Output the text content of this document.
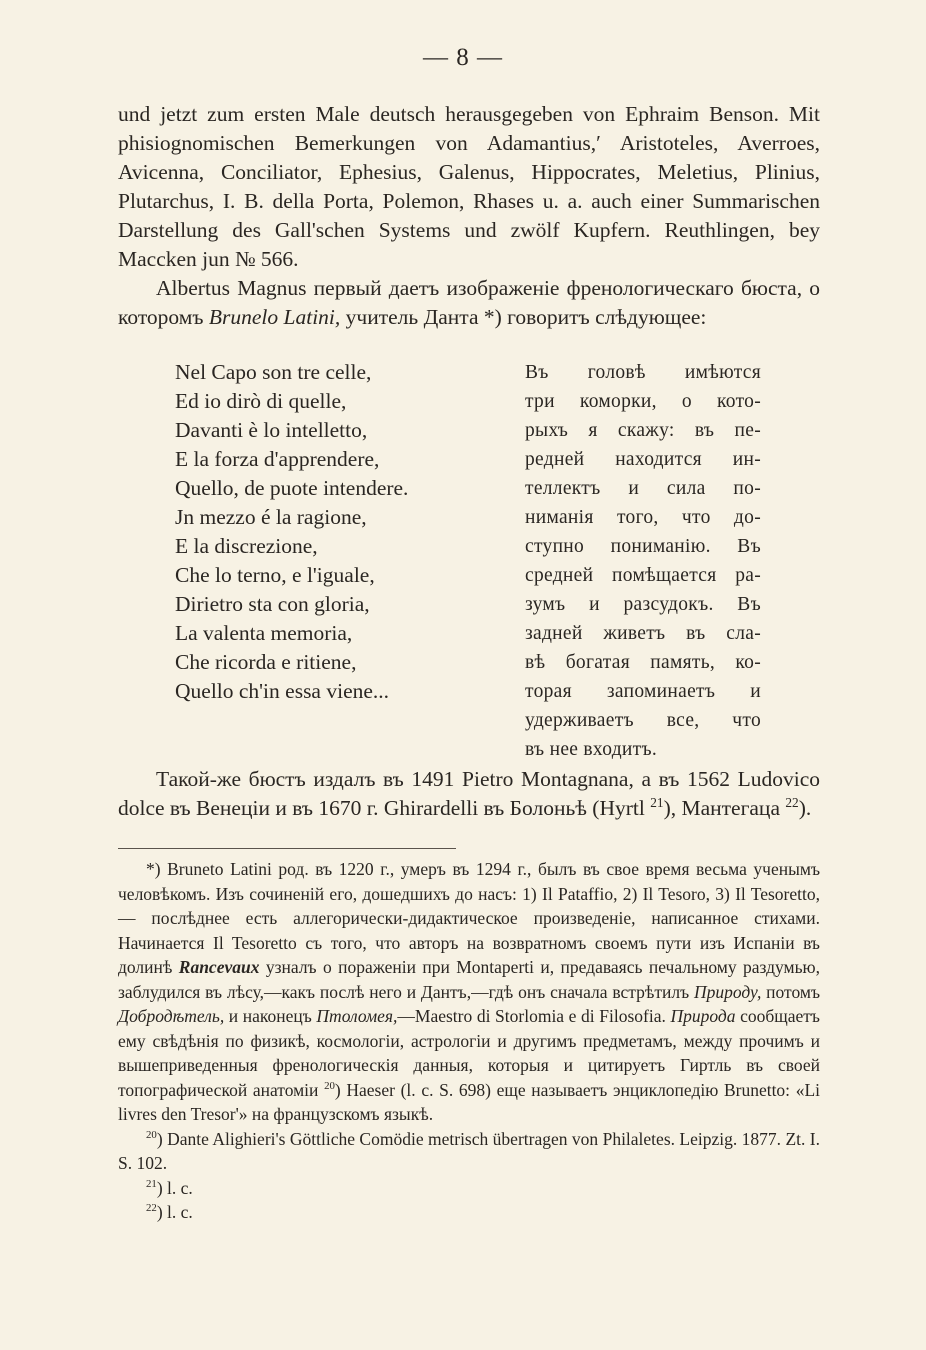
— 8 —

und jetzt zum ersten Male deutsch herausgegeben von Ephraim Benson. Mit phisiognomischen Bemerkungen von Adamantius,ʹ Aristoteles, Averroes, Avicenna, Conciliator, Ephesius, Galenus, Hippocrates, Meletius, Plinius, Plutarchus, I. B. della Porta, Polemon, Rhases u. a. auch einer Summarischen Darstellung des Gall'schen Systems und zwölf Kupfern. Reuthlingen, bey Maccken jun № 566.

Albertus Magnus первый даетъ изображеніе френологическаго бюста, о которомъ Brunelo Latini, учитель Данта *) говоритъ слѣдующее:

Nel Capo son tre celle,
Ed io dirò di quelle,
Davanti è lo intelletto,
E la forza d'apprendere,
Quello, de puote intendere.
Jn mezzo é la ragione,
E la discrezione,
Che lo terno, e l'iguale,
Dirietro sta con gloria,
La valenta memoria,
Che ricorda e ritiene,
Quello ch'in essa viene...
Въ головѣ имѣются
три коморки, о кото-
рыхъ я скажу: въ пе-
редней находится ин-
теллектъ и сила по-
ниманія того, что до-
ступно пониманію. Въ
средней помѣщается ра-
зумъ и разсудокъ. Въ
задней живетъ въ сла-
вѣ богатая память, ко-
торая запоминаетъ и
удерживаетъ все, что
въ нее входитъ.

Такой-же бюстъ издалъ въ 1491 Pietro Montagnana, а въ 1562 Ludovico dolce въ Венеціи и въ 1670 г. Ghirardelli въ Болоньѣ (Hyrtl $^{21}$), Мантегаца $^{22}$).

*) Bruneto Latini род. въ 1220 г., умеръ въ 1294 г., былъ въ свое время весьма ученымъ человѣкомъ. Изъ сочиненій его, дошедшихъ до насъ: 1) Il Pataffio, 2) Il Tesoro, 3) Il Tesoretto,— послѣднее есть аллегорически-дидактическое произведеніе, написанное стихами. Начинается Il Tesoretto съ того, что авторъ на возвратномъ своемъ пути изъ Испаніи въ долинѣ Rancevaux узналъ о пораженіи при Montaperti и, предаваясь печальному раздумью, заблудился въ лѣсу,—какъ послѣ него и Дантъ,—гдѣ онъ сначала встрѣтилъ Природу, потомъ Добродѣтель, и наконецъ Птоломея,—Maestro di Storlomia e di Filosofia. Природа сообщаетъ ему свѣдѣнія по физикѣ, космологіи, астрологіи и другимъ предметамъ, между прочимъ и вышеприведенныя френологическія данныя, которыя и цитируетъ Гиртль въ своей топографической анатоміи $^{20}$) Haeser (l. c. S. 698) еще называетъ энциклопедію Brunetto: «Li livres den Tresor'» на французскомъ языкѣ.

$^{20}$) Dante Alighieri's Göttliche Comödie metrisch übertragen von Philaletes. Leipzig. 1877. Zt. I. S. 102.

$^{21}$) l. c.

$^{22}$) l. c.
